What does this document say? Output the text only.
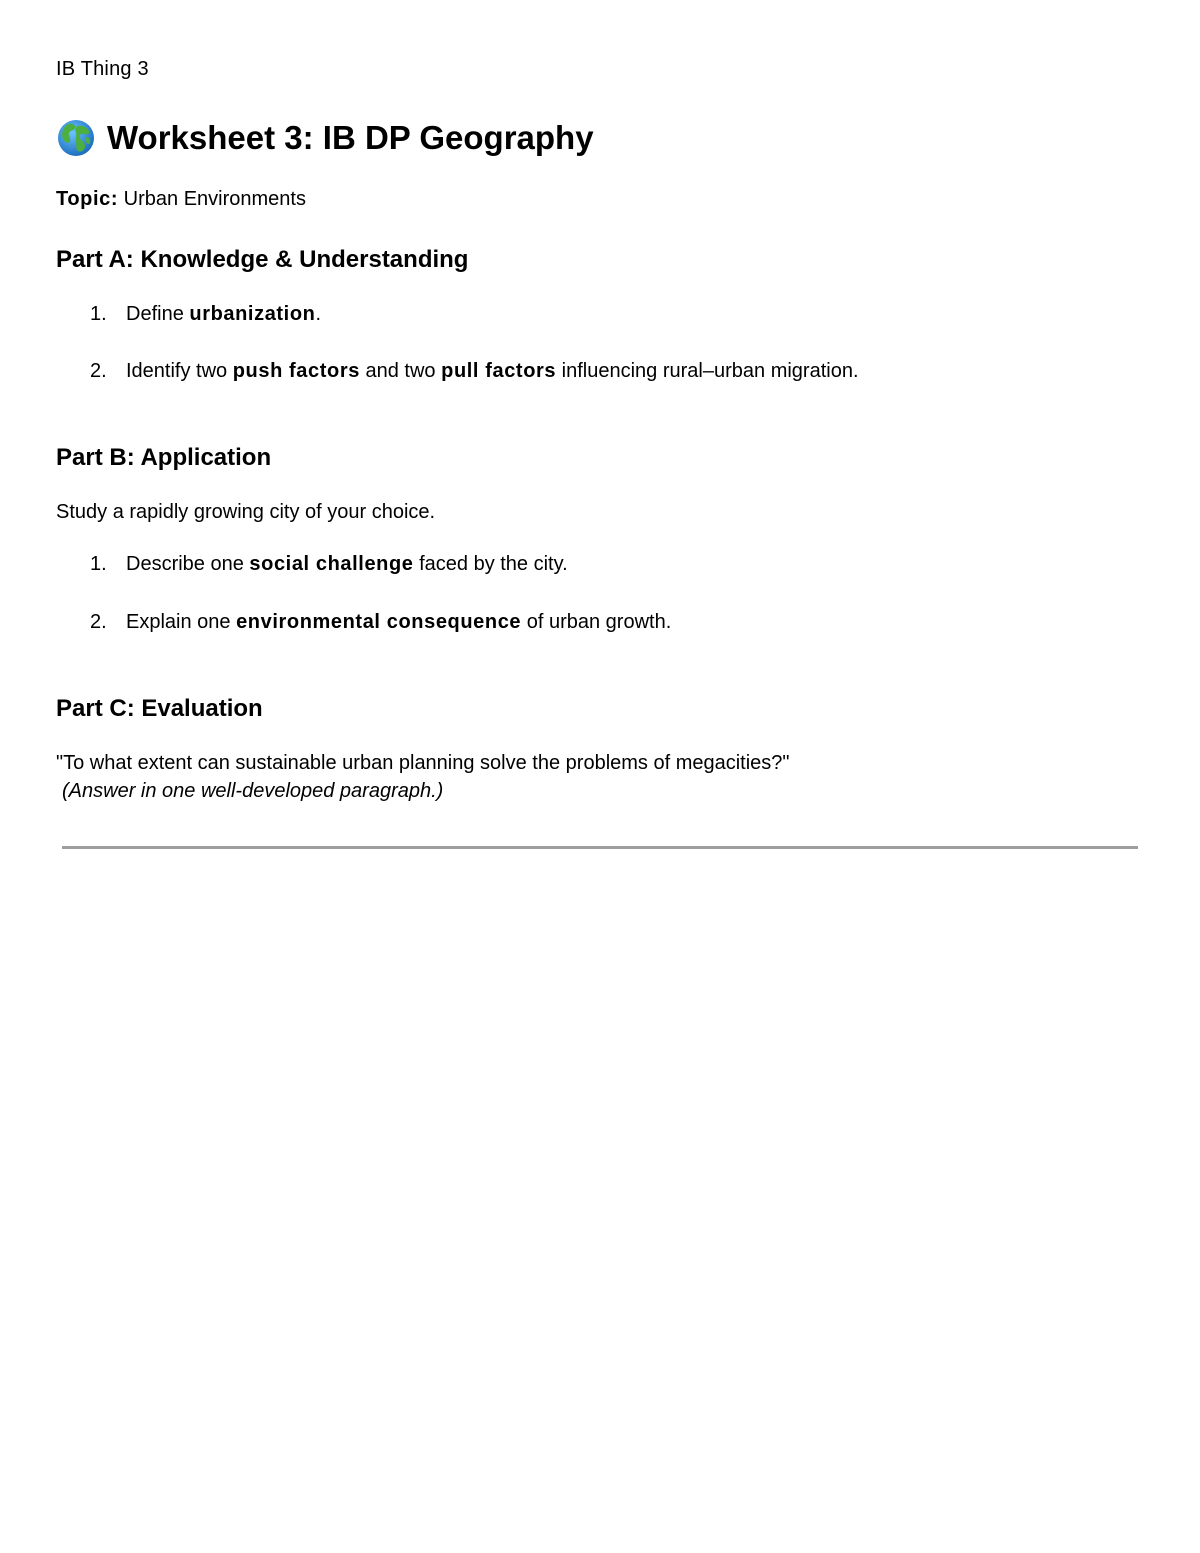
IB Thing 3
Worksheet 3: IB DP Geography
Topic: Urban Environments
Part A: Knowledge & Understanding
1. Define urbanization.
2. Identify two push factors and two pull factors influencing rural–urban migration.
Part B: Application
Study a rapidly growing city of your choice.
1. Describe one social challenge faced by the city.
2. Explain one environmental consequence of urban growth.
Part C: Evaluation
"To what extent can sustainable urban planning solve the problems of megacities?"
(Answer in one well-developed paragraph.)
